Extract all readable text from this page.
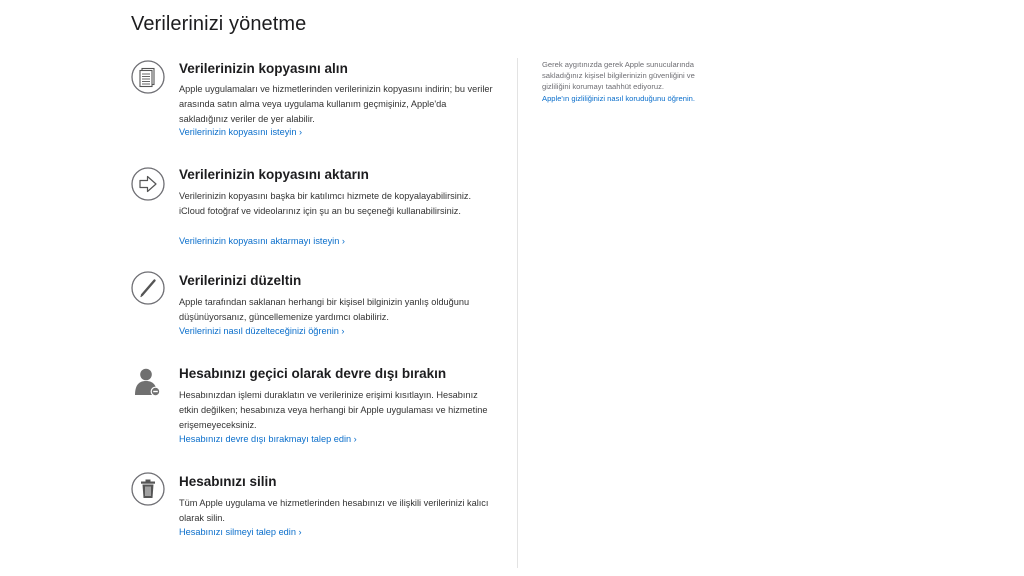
Verilerinizi yönetme
Verilerinizin kopyasını alın

Apple uygulamaları ve hizmetlerinden verilerinizin kopyasını indirin; bu veriler arasında satın alma veya uygulama kullanım geçmişiniz, Apple'da sakladığınız veriler de yer alabilir.

Verilerinizin kopyasını isteyin ›
Verilerinizin kopyasını aktarın

Verilerinizin kopyasını başka bir katılımcı hizmete de kopyalayabilirsiniz. iCloud fotoğraf ve videolarınız için şu an bu seçeneği kullanabilirsiniz.

Verilerinizin kopyasını aktarmayı isteyin ›
Verilerinizi düzeltin

Apple tarafından saklanan herhangi bir kişisel bilginizin yanlış olduğunu düşünüyorsanız, güncellemenize yardımcı olabiliriz.

Verilerinizi nasıl düzelteceğinizi öğrenin ›
Hesabınızı geçici olarak devre dışı bırakın

Hesabınızdan işlemi duraklatın ve verilerinize erişimi kısıtlayın. Hesabınız etkin değilken; hesabınıza veya herhangi bir Apple uygulaması ve hizmetine erişemeyeceksiniz.

Hesabınızı devre dışı bırakmayı talep edin ›
Hesabınızı silin

Tüm Apple uygulama ve hizmetlerinden hesabınızı ve ilişkili verilerinizi kalıcı olarak silin.

Hesabınızı silmeyi talep edin ›
Gerek aygıtınızda gerek Apple sunucularında sakladığınız kişisel bilgilerinizin güvenliğini ve gizliliğini korumayı taahhüt ediyoruz.
Apple'ın gizliliğinizi nasıl koruduğunu öğrenin.
